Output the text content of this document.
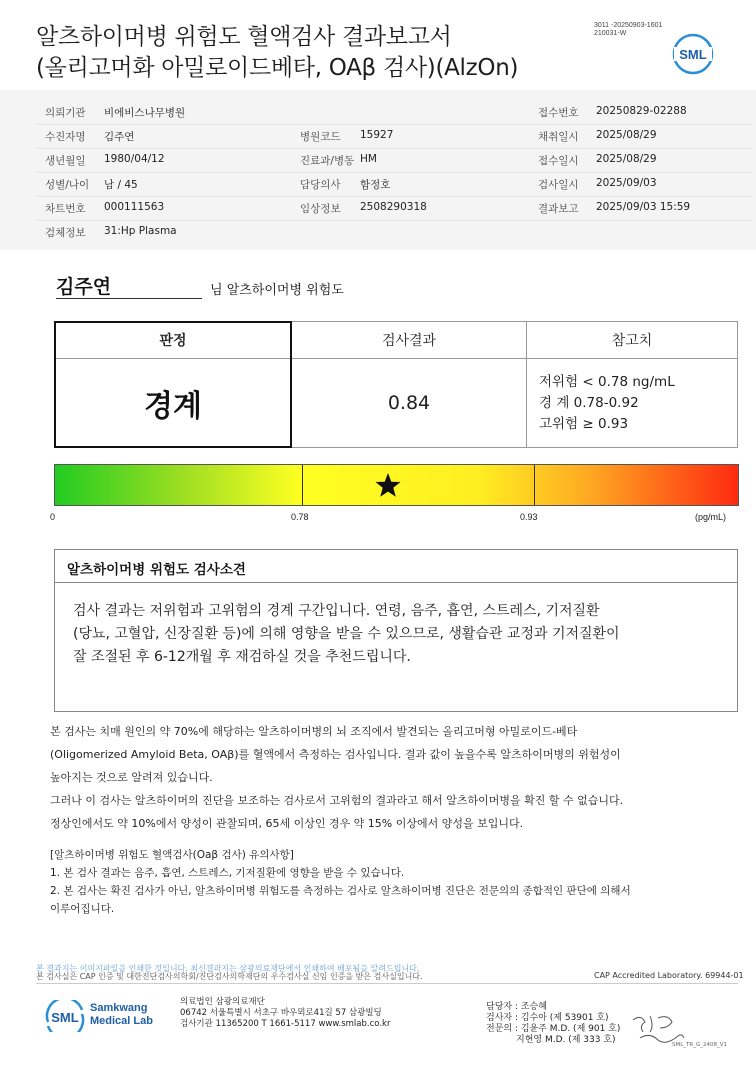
알츠하이머병 위험도 혈액검사 결과보고서
(올리고머화 아밀로이드베타, OAβ 검사)(AlzOn)
3011 -20250903-1601
210031-W
SML
의뢰기관 비에비스나무병원	접수번호 20250829-02288
수진자명 김주연	병원코드 15927	채취일시 2025/08/29
생년월일 1980/04/12	진료과/병동 HM	접수일시 2025/08/29
성별/나이 남 / 45	담당의사 함정호	검사일시 2025/09/03
차트번호 000111563	임상정보 2508290318	결과보고 2025/09/03 15:59
검체정보 31:Hp Plasma
김주연	님 알츠하이머병 위험도
판정	검사결과	참고치
경계	0.84	저위험 < 0.78 ng/mL
경 계 0.78-0.92
고위험 ≥ 0.93
0	0.78	0.93	(pg/mL)
알츠하이머병 위험도 검사소견
검사 결과는 저위험과 고위험의 경계 구간입니다. 연령, 음주, 흡연, 스트레스, 기저질환
(당뇨, 고혈압, 신장질환 등)에 의해 영향을 받을 수 있으므로, 생활습관 교정과 기저질환이
잘 조절된 후 6-12개월 후 재검하실 것을 추천드립니다.
본 검사는 치매 원인의 약 70%에 해당하는 알츠하이머병의 뇌 조직에서 발견되는 올리고머형 아밀로이드-베타
(Oligomerized Amyloid Beta, OAβ)를 혈액에서 측정하는 검사입니다. 결과 값이 높을수록 알츠하이머병의 위험성이
높아지는 것으로 알려져 있습니다.
그러나 이 검사는 알츠하이머의 진단을 보조하는 검사로서 고위험의 결과라고 해서 알츠하이머병을 확진 할 수 없습니다.
정상인에서도 약 10%에서 양성이 관찰되며, 65세 이상인 경우 약 15% 이상에서 양성을 보입니다.
[알츠하이머병 위험도 혈액검사(Oaβ 검사) 유의사항]
1. 본 검사 결과는 음주, 흡연, 스트레스, 기저질환에 영향을 받을 수 있습니다.
2. 본 검사는 확진 검사가 아닌, 알츠하이머병 위험도를 측정하는 검사로 알츠하이머병 진단은 전문의의 종합적인 판단에 의해서
이루어집니다.
본 결과지는 이미지파일을 인쇄한 것입니다. 최신결과지는 삼광의료재단에서 인쇄하여 배포됨을 알려드립니다.
본 검사실은 CAP 인증 및 대한진단검사의학회/진단검사의학재단의 우수검사실 신임 인증을 받은 검사실입니다.	CAP Accredited Laboratory. 69944-01
SML
Samkwang
Medical Lab
의료법인 삼광의료재단
06742 서울특별시 서초구 바우뫼로41길 57 삼광빌딩
검사기관 11365200 T 1661-5117 www.smlab.co.kr
담당자 : 조승혜
검사자 : 김수아 (제 53901 호)
전문의 : 김윤주 M.D. (제 901 호)
지현영 M.D. (제 333 호)	SML_TR_G_2408_V1
